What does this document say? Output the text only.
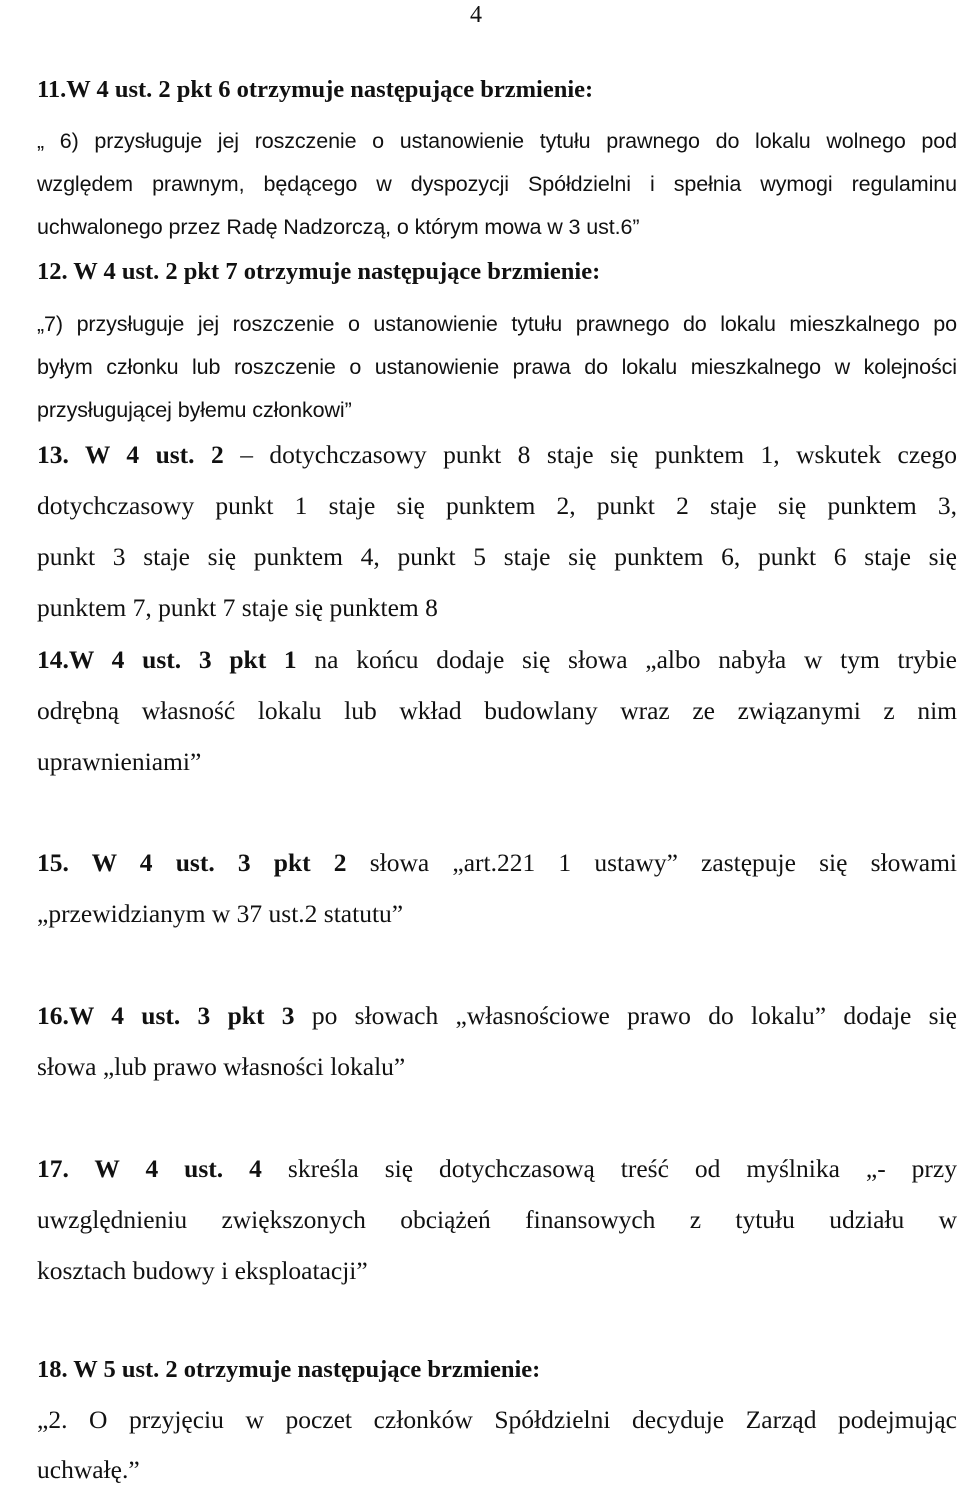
4

11.W 4 ust. 2 pkt 6 otrzymuje następujące brzmienie:

„ 6) przysługuje jej roszczenie o ustanowienie tytułu prawnego do lokalu wolnego pod

względem prawnym, będącego w dyspozycji Spółdzielni i spełnia wymogi regulaminu

uchwalonego przez Radę Nadzorczą, o którym mowa w 3 ust.6”

12. W 4 ust. 2 pkt 7 otrzymuje następujące brzmienie:

„7) przysługuje jej roszczenie o ustanowienie tytułu prawnego do lokalu mieszkalnego po

byłym członku lub roszczenie o ustanowienie prawa do lokalu mieszkalnego w kolejności

przysługującej byłemu członkowi”

13. W 4 ust. 2 – dotychczasowy punkt 8 staje się punktem 1, wskutek czego

dotychczasowy punkt 1 staje się punktem 2, punkt 2 staje się punktem 3,

punkt 3 staje się punktem 4, punkt 5 staje się punktem 6, punkt 6 staje się

punktem 7, punkt 7 staje się punktem 8

14.W 4 ust. 3 pkt 1 na końcu dodaje się słowa „albo nabyła w tym trybie

odrębną własność lokalu lub wkład budowlany wraz ze związanymi z nim

uprawnieniami”

15. W 4 ust. 3 pkt 2 słowa „art.221 1 ustawy” zastępuje się słowami

„przewidzianym w 37 ust.2 statutu”

16.W 4 ust. 3 pkt 3 po słowach „własnościowe prawo do lokalu” dodaje się

słowa „lub prawo własności lokalu”

17. W 4 ust. 4 skreśla się dotychczasową treść od myślnika „- przy

uwzględnieniu zwiększonych obciążeń finansowych z tytułu udziału w

kosztach budowy i eksploatacji”

18. W 5 ust. 2 otrzymuje następujące brzmienie:

„2. O przyjęciu w poczet członków Spółdzielni decyduje Zarząd podejmując

uchwałę.”
